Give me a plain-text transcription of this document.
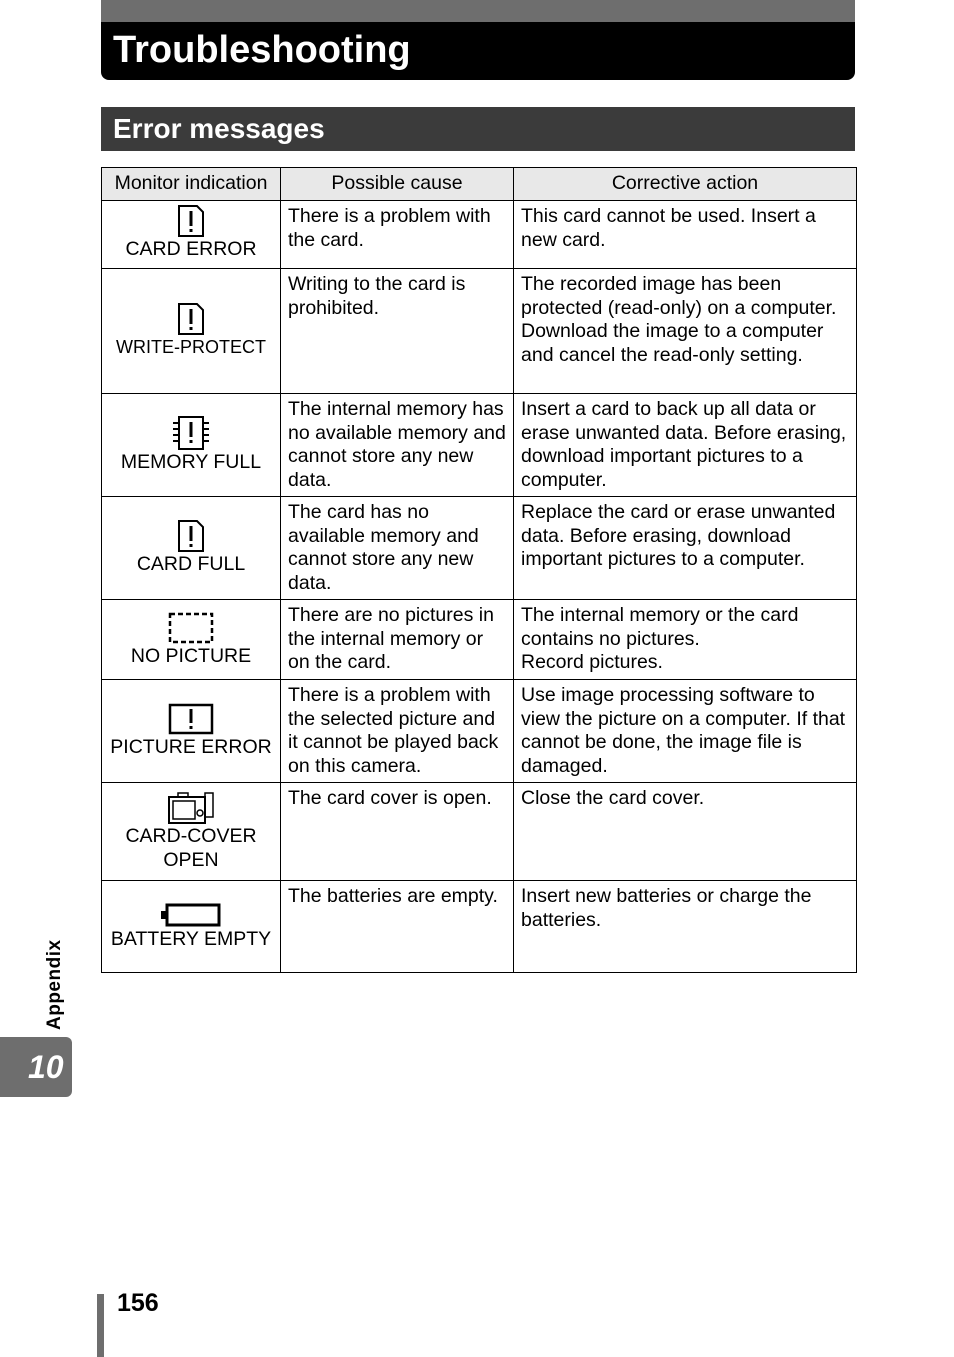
Troubleshooting
Error messages
Monitor indication	Possible cause	Corrective action

CARD ERROR	There is a problem with the card.	This card cannot be used. Insert a new card.

WRITE-PROTECT	Writing to the card is prohibited.	The recorded image has been protected (read-only) on a computer. Download the image to a computer and cancel the read-only setting.

MEMORY FULL	The internal memory has no available memory and cannot store any new data.	Insert a card to back up all data or erase unwanted data. Before erasing, download important pictures to a computer.

CARD FULL	The card has no available memory and cannot store any new data.	Replace the card or erase unwanted data. Before erasing, download important pictures to a computer.

NO PICTURE	There are no pictures in the internal memory or on the card.	The internal memory or the card contains no pictures.
Record pictures.

PICTURE ERROR	There is a problem with the selected picture and it cannot be played back on this camera.	Use image processing software to view the picture on a computer. If that cannot be done, the image file is damaged.

CARD-COVER OPEN	The card cover is open.	Close the card cover.

BATTERY EMPTY	The batteries are empty.	Insert new batteries or charge the batteries.
Appendix
10
156
